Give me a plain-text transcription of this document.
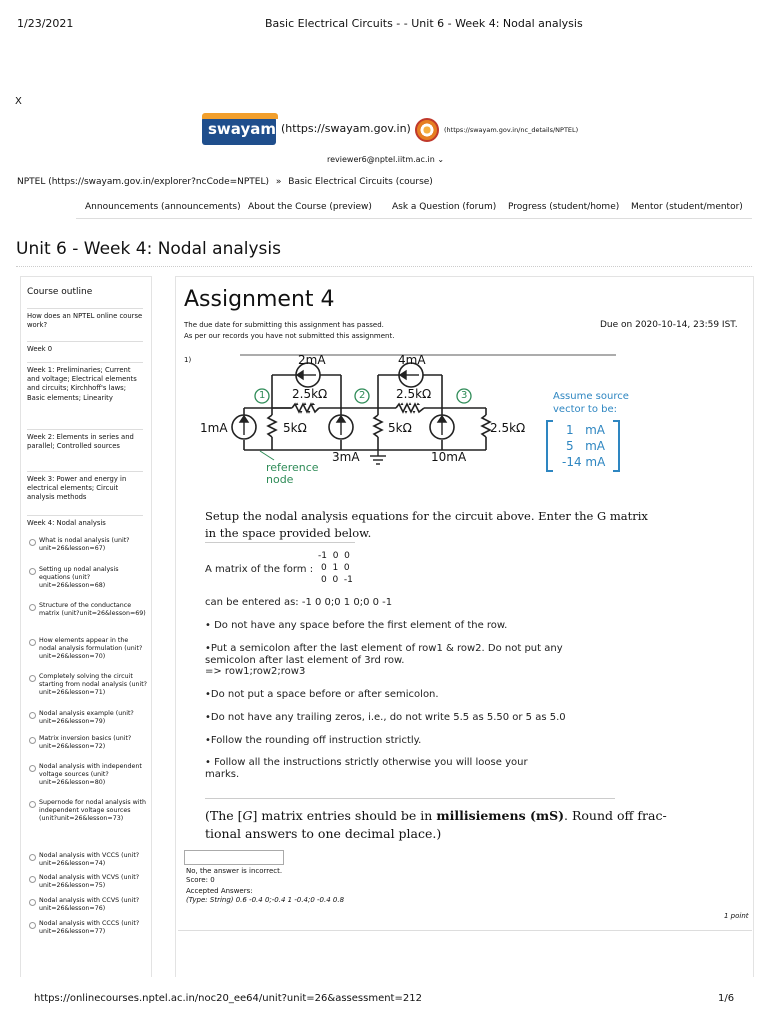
1/23/2021	Basic Electrical Circuits - - Unit 6 - Week 4: Nodal analysis
X
swayam (https://swayam.gov.in)	(https://swayam.gov.in/nc_details/NPTEL)
reviewer6@nptel.iitm.ac.in ⌄
NPTEL (https://swayam.gov.in/explorer?ncCode=NPTEL) » Basic Electrical Circuits (course)
Announcements (announcements) About the Course (preview) Ask a Question (forum) Progress (student/home) Mentor (student/mentor)
Unit 6 - Week 4: Nodal analysis
Course outline
How does an NPTEL online course work?
Week 0
Week 1: Preliminaries; Current and voltage; Electrical elements and circuits; Kirchhoff's laws; Basic elements; Linearity
Week 2: Elements in series and parallel; Controlled sources
Week 3: Power and energy in electrical elements; Circuit analysis methods
Week 4: Nodal analysis
What is nodal analysis (unit?unit=26&lesson=67)
Setting up nodal analysis equations (unit?unit=26&lesson=68)
Structure of the conductance matrix (unit?unit=26&lesson=69)
How elements appear in the nodal analysis formulation (unit?unit=26&lesson=70)
Completely solving the circuit starting from nodal analysis (unit?unit=26&lesson=71)
Nodal analysis example (unit?unit=26&lesson=79)
Matrix inversion basics (unit?unit=26&lesson=72)
Nodal analysis with independent voltage sources (unit?unit=26&lesson=80)
Supernode for nodal analysis with independent voltage sources (unit?unit=26&lesson=73)
Nodal analysis with VCCS (unit?unit=26&lesson=74)
Nodal analysis with VCVS (unit?unit=26&lesson=75)
Nodal analysis with CCVS (unit?unit=26&lesson=76)
Nodal analysis with CCCS (unit?unit=26&lesson=77)
Assignment 4
The due date for submitting this assignment has passed.
As per our records you have not submitted this assignment.
Due on 2020-10-14, 23:59 IST.
1)	2mA	4mA
2.5kΩ	2.5kΩ
1	2	3
1mA	5kΩ	5kΩ	2.5kΩ
3mA	10mA
reference
node
Assume source
vector to be:
1   mA
5   mA
-14 mA
Setup the nodal analysis equations for the circuit above. Enter the G matrix
in the space provided below.
-1  0  0
A matrix of the form : 0  1  0
0  0  -1
can be entered as: -1 0 0;0 1 0;0 0 -1
• Do not have any space before the first element of the row.
•Put a semicolon after the last element of row1 & row2. Do not put any
semicolon after last element of 3rd row.
=> row1;row2;row3
•Do not put a space before or after semicolon.
•Do not have any trailing zeros, i.e., do not write 5.5 as 5.50 or 5 as 5.0
•Follow the rounding off instruction strictly.
• Follow all the instructions strictly otherwise you will loose your
marks.
(The [G] matrix entries should be in millisiemens (mS). Round off frac-
tional answers to one decimal place.)
No, the answer is incorrect.
Score: 0
Accepted Answers:
(Type: String) 0.6 -0.4 0;-0.4 1 -0.4;0 -0.4 0.8
1 point
https://onlinecourses.nptel.ac.in/noc20_ee64/unit?unit=26&assessment=212	1/6
